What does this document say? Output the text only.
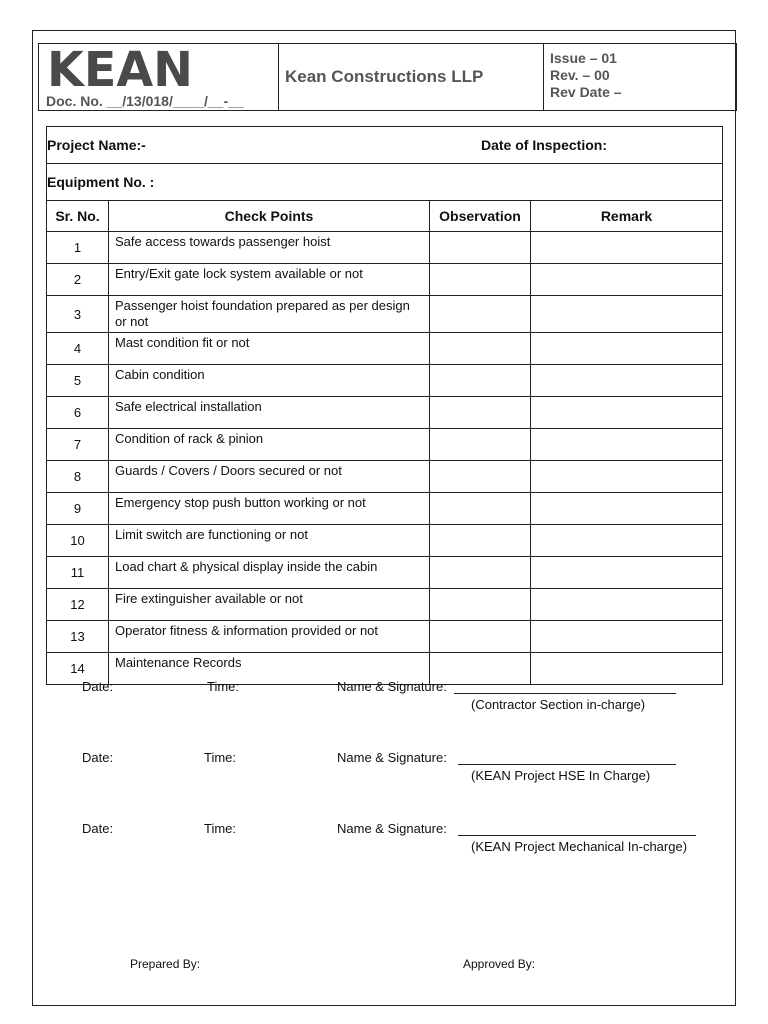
KEAN
Doc. No. __/13/018/____/__-__
Kean Constructions LLP
Issue – 01
Rev. – 00
Rev Date –
Project Name:- Date of Inspection:			

Equipment No. :			
Sr. No.	Check Points	Observation	Remark
1	Safe access towards passenger hoist		
2	Entry/Exit gate lock system available or not		
3	Passenger hoist foundation prepared as per design or not		
4	Mast condition fit or not		
5	Cabin condition		
6	Safe electrical installation		
7	Condition of rack & pinion		
8	Guards / Covers / Doors secured or not		
9	Emergency stop push button working or not		
10	Limit switch are functioning or not		
11	Load chart & physical display inside the cabin		
12	Fire extinguisher available or not		
13	Operator fitness & information provided or not		
14	Maintenance Records		
Date:	Time:	Name & Signature:
(Contractor Section in-charge)
Date:	Time:	Name & Signature:
(KEAN Project HSE In Charge)
Date:	Time:	Name & Signature:
(KEAN Project Mechanical In-charge)
Prepared By:	Approved By:
